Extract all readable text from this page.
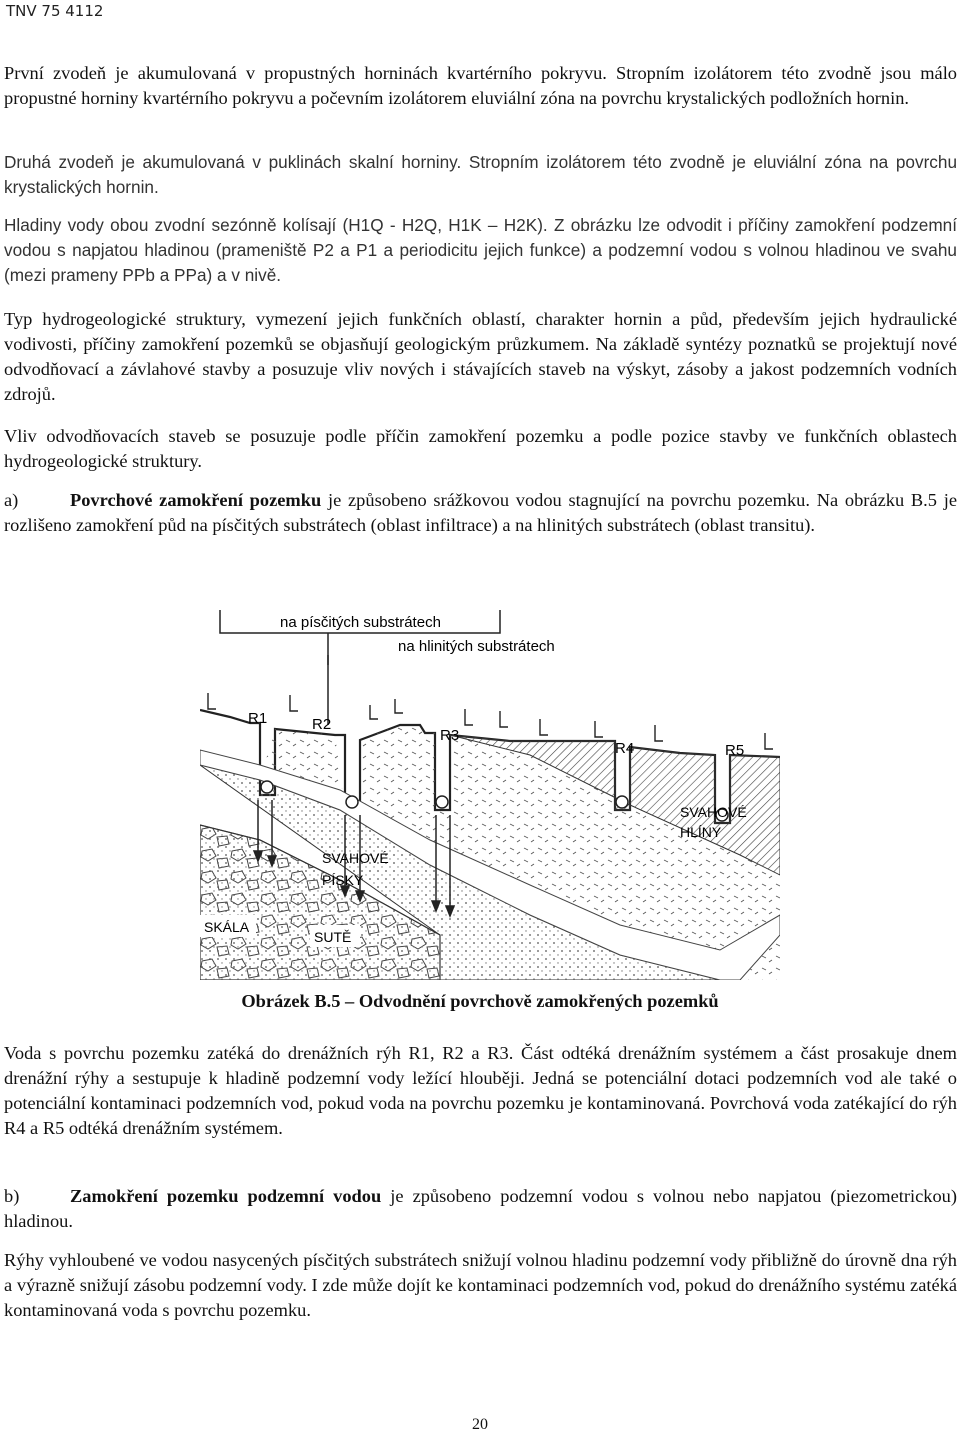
TNV 75 4112

První zvodeň je akumulovaná v propustných horninách kvartérního pokryvu. Stropním izolátorem této zvodně jsou málo propustné horniny kvartérního pokryvu a počevním izolátorem eluviální zóna na povrchu krystalických podložních hornin.

Druhá zvodeň je akumulovaná v puklinách skalní horniny. Stropním izolátorem této zvodně je eluviální zóna na povrchu krystalických hornin.

Hladiny vody obou zvodní sezónně kolísají (H1Q - H2Q, H1K – H2K). Z obrázku lze odvodit i příčiny zamokření podzemní vodou s napjatou hladinou (prameniště P2 a P1 a periodicitu jejich funkce) a podzemní vodou s volnou hladinou ve svahu (mezi prameny PPb a PPa) a v nivě.

Typ hydrogeologické struktury, vymezení jejich funkčních oblastí, charakter hornin a půd, především jejich hydraulické vodivosti, příčiny zamokření pozemků se objasňují geologickým průzkumem. Na základě syntézy poznatků se projektují nové odvodňovací a závlahové stavby a posuzuje vliv nových i stávajících staveb na výskyt, zásoby a jakost podzemních vodních zdrojů.

Vliv odvodňovacích staveb se posuzuje podle příčin zamokření pozemku a podle pozice stavby ve funkčních oblastech hydrogeologické struktury.

a)	Povrchové zamokření pozemku je způsobeno srážkovou vodou stagnující na povrchu pozemku. Na obrázku B.5 je rozlišeno zamokření půd na písčitých substrátech (oblast infiltrace) a na hlinitých substrátech (oblast transitu).

na písčitých substrátech
na hlinitých substrátech
R1	R2
R3
R4	R5
SVAHOVÉ
HLÍNY
SVAHOVÉ
PÍSKY
SKÁLA
SUTĚ
Obrázek B.5 – Odvodnění povrchově zamokřených pozemků

Voda s povrchu pozemku zatéká do drenážních rýh R1, R2 a R3. Část odtéká drenážním systémem a část prosakuje dnem drenážní rýhy a sestupuje k hladině podzemní vody ležící hlouběji. Jedná se potenciální dotaci podzemních vod ale také o potenciální kontaminaci podzemních vod, pokud voda na povrchu pozemku je kontaminovaná. Povrchová voda zatékající do rýh R4 a R5 odtéká drenážním systémem.

b)	Zamokření pozemku podzemní vodou je způsobeno podzemní vodou s volnou nebo napjatou (piezometrickou) hladinou.

Rýhy vyhloubené ve vodou nasycených písčitých substrátech snižují volnou hladinu podzemní vody přibližně do úrovně dna rýh a výrazně snižují zásobu podzemní vody. I zde může dojít ke kontaminaci podzemních vod, pokud do drenážního systému zatéká kontaminovaná voda s povrchu pozemku.

20
